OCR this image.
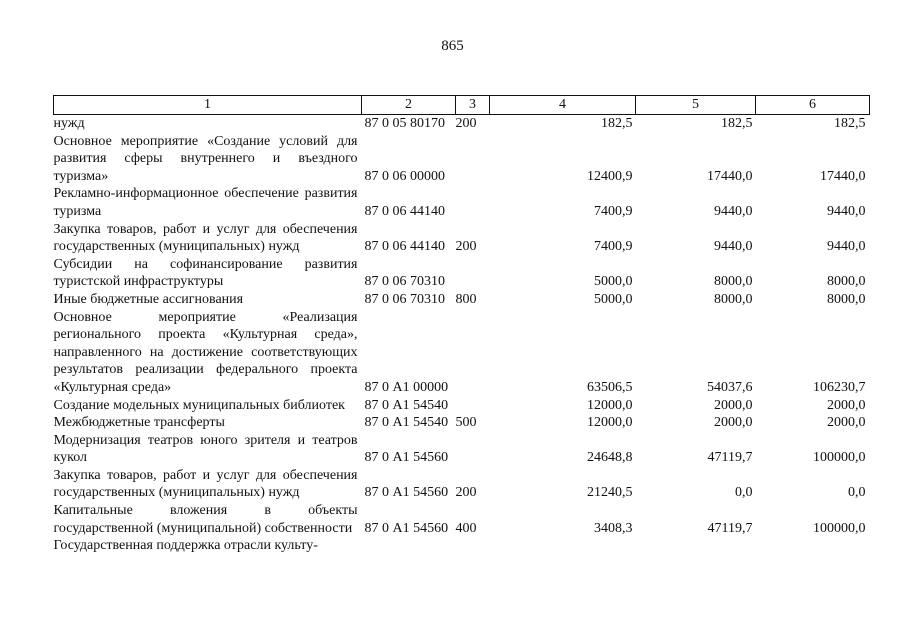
865
1	2	3	4	5	6
нужд	87 0 05 80170	200	182,5	182,5	182,5
Основное мероприятие «Создание условий для развития сферы внутреннего и въездного туризма»	87 0 06 00000		12400,9	17440,0	17440,0
Рекламно-информационное обеспечение развития туризма	87 0 06 44140		7400,9	9440,0	9440,0
Закупка товаров, работ и услуг для обеспечения государственных (муниципальных) нужд	87 0 06 44140	200	7400,9	9440,0	9440,0
Субсидии на софинансирование развития туристской инфраструктуры	87 0 06 70310		5000,0	8000,0	8000,0
Иные бюджетные ассигнования	87 0 06 70310	800	5000,0	8000,0	8000,0
Основное мероприятие «Реализация регионального проекта «Культурная среда», направленного на достижение соответствующих результатов реализации федерального проекта «Культурная среда»	87 0 А1 00000		63506,5	54037,6	106230,7
Создание модельных муниципальных библиотек	87 0 А1 54540		12000,0	2000,0	2000,0
Межбюджетные трансферты	87 0 А1 54540	500	12000,0	2000,0	2000,0
Модернизация театров юного зрителя и театров кукол	87 0 А1 54560		24648,8	47119,7	100000,0
Закупка товаров, работ и услуг для обеспечения государственных (муниципальных) нужд	87 0 А1 54560	200	21240,5	0,0	0,0
Капитальные вложения в объекты государственной (муниципальной) собственности	87 0 А1 54560	400	3408,3	47119,7	100000,0
Государственная поддержка отрасли культу-					
